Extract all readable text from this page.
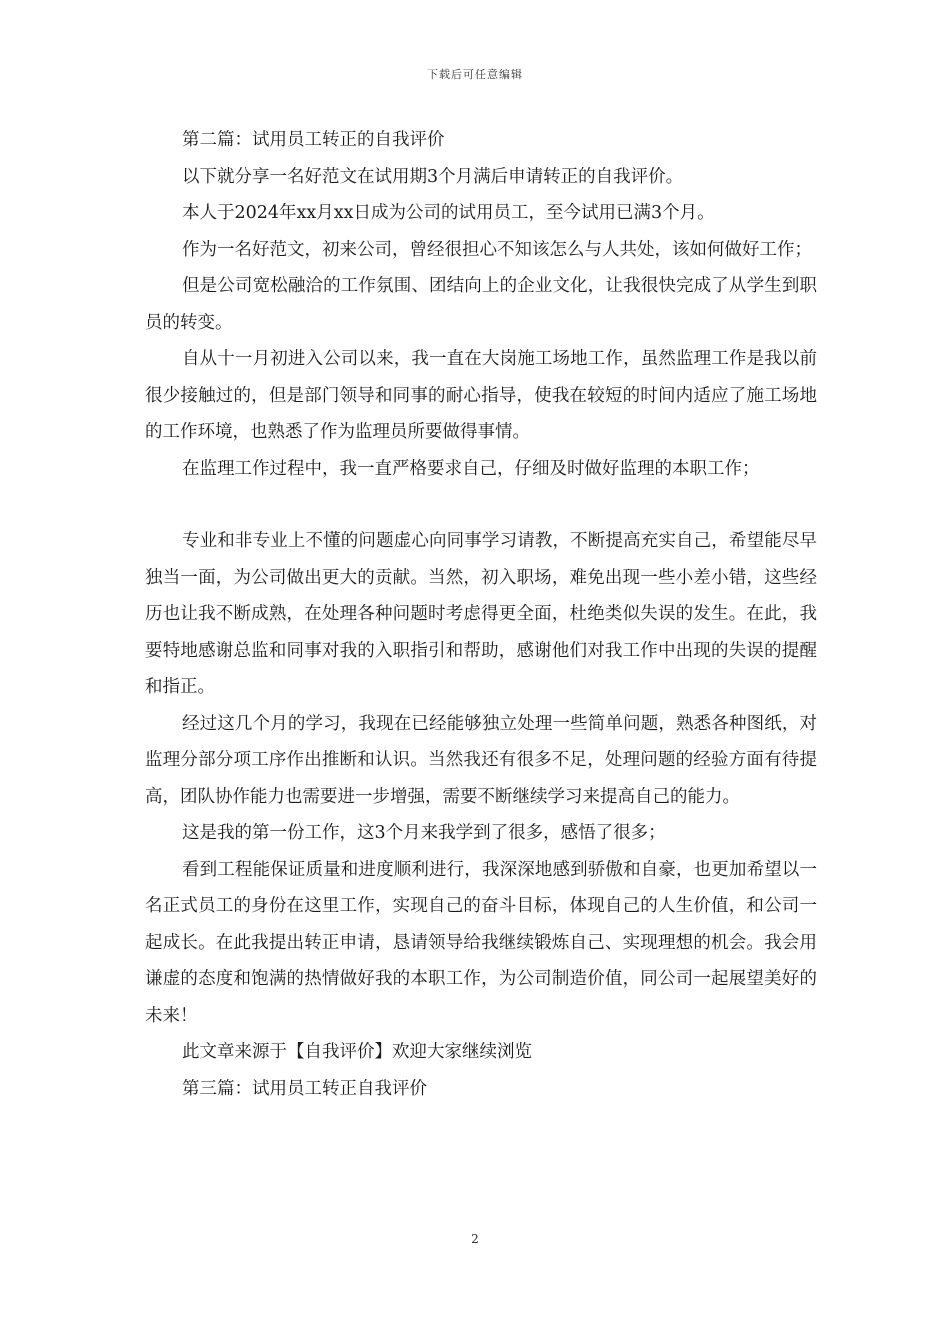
下载后可任意编辑

第二篇：试用员工转正的自我评价

以下就分享一名好范文在试用期3个月满后申请转正的自我评价。

本人于2024年xx月xx日成为公司的试用员工，至今试用已满3个月。

作为一名好范文，初来公司，曾经很担心不知该怎么与人共处，该如何做好工作；

但是公司宽松融洽的工作氛围、团结向上的企业文化，让我很快完成了从学生到职员的转变。

自从十一月初进入公司以来，我一直在大岗施工场地工作，虽然监理工作是我以前很少接触过的，但是部门领导和同事的耐心指导，使我在较短的时间内适应了施工场地的工作环境，也熟悉了作为监理员所要做得事情。

在监理工作过程中，我一直严格要求自己，仔细及时做好监理的本职工作；

专业和非专业上不懂的问题虚心向同事学习请教，不断提高充实自己，希望能尽早独当一面，为公司做出更大的贡献。当然，初入职场，难免出现一些小差小错，这些经历也让我不断成熟，在处理各种问题时考虑得更全面，杜绝类似失误的发生。在此，我要特地感谢总监和同事对我的入职指引和帮助，感谢他们对我工作中出现的失误的提醒和指正。

经过这几个月的学习，我现在已经能够独立处理一些简单问题，熟悉各种图纸，对监理分部分项工序作出推断和认识。当然我还有很多不足，处理问题的经验方面有待提高，团队协作能力也需要进一步增强，需要不断继续学习来提高自己的能力。

这是我的第一份工作，这3个月来我学到了很多，感悟了很多；

看到工程能保证质量和进度顺利进行，我深深地感到骄傲和自豪，也更加希望以一名正式员工的身份在这里工作，实现自己的奋斗目标，体现自己的人生价值，和公司一起成长。在此我提出转正申请，恳请领导给我继续锻炼自己、实现理想的机会。我会用谦虚的态度和饱满的热情做好我的本职工作，为公司制造价值，同公司一起展望美好的未来！

此文章来源于【自我评价】欢迎大家继续浏览

第三篇：试用员工转正自我评价

2
